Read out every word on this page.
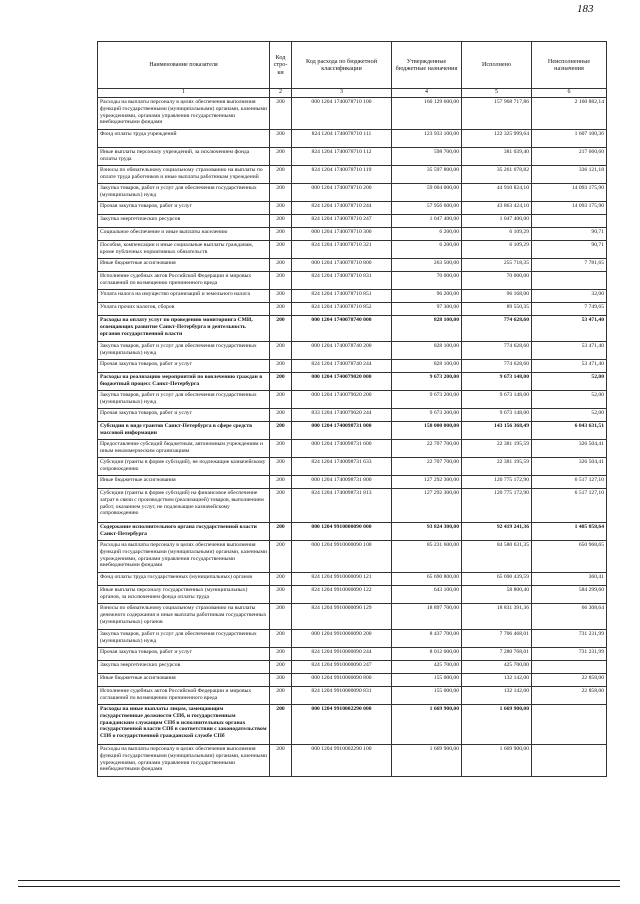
183
Наименование показателя	Код стро-ки	Код расхода по бюджетной классификации	Утвержденные бюджетные назначения	Исполнено	Неисполненные назначения
1	2	3	4	5	6
Расходы на выплаты персоналу в целях обеспечения выполнения функций государственными (муниципальными) органами, казенными учреждениями, органами управления государственными внебюджетными фондами	200	000 1204 1740078710 100	160 129 600,00	157 968 717,86	2 160 882,14
Фонд оплаты труда учреждений	200	824 1204 1740078710 111	123 933 100,00	122 325 999,64	1 607 100,36
Иные выплаты персоналу учреждений, за исключением фонда оплаты труда	200	824 1204 1740078710 112	598 700,00	381 039,40	217 660,60
Взносы по обязательному социальному страхованию на выплаты по оплате труда работников и иные выплаты работникам учреждений	200	824 1204 1740078710 119	35 597 800,00	35 261 678,82	336 121,18
Закупка товаров, работ и услуг для обеспечения государственных (муниципальных) нужд	200	000 1204 1740078710 200	59 004 000,00	44 910 824,10	14 093 175,90
Прочая закупка товаров, работ и услуг	200	824 1204 1740078710 244	57 956 600,00	43 863 424,10	14 093 175,90
Закупка энергетических ресурсов	200	824 1204 1740078710 247	1 047 400,00	1 047 400,00	
Социальное обеспечение и иные выплаты населению	200	000 1204 1740078710 300	6 200,00	6 109,29	90,71
Пособия, компенсации и иные социальные выплаты гражданам, кроме публичных нормативных обязательств	200	824 1204 1740078710 321	6 200,00	6 109,29	90,71
Иные бюджетные ассигнования	200	000 1204 1740078710 800	263 500,00	255 718,35	7 781,65
Исполнение судебных актов Российской Федерации и мировых соглашений по возмещению причиненного вреда	200	824 1204 1740078710 831	70 000,00	70 000,00	
Уплата налога на имущество организаций и земельного налога	200	824 1204 1740078710 851	96 200,00	96 168,00	32,00
Уплата прочих налогов, сборов	200	824 1204 1740078710 852	97 300,00	89 550,35	7 749,65
Расходы на оплату услуг по проведению мониторинга СМИ, освещающих развитие Санкт-Петербурга и деятельность органов государственной власти	200	000 1204 1740078740 000	828 100,00	774 628,60	53 471,40
Закупка товаров, работ и услуг для обеспечения государственных (муниципальных) нужд	200	000 1204 1740078740 200	828 100,00	774 628,60	53 471,40
Прочая закупка товаров, работ и услуг	200	824 1204 1740078740 244	828 100,00	774 628,60	53 471,40
Расходы на реализацию мероприятий по вовлечению граждан в бюджетный процесс Санкт-Петербурга	200	000 1204 1740079020 000	9 673 200,00	9 673 148,00	52,00
Закупка товаров, работ и услуг для обеспечения государственных (муниципальных) нужд	200	000 1204 1740079020 200	9 673 200,00	9 673 148,00	52,00
Прочая закупка товаров, работ и услуг	200	833 1204 1740079020 244	9 673 200,00	9 673 148,00	52,00
Субсидии в виде грантов Санкт-Петербурга в сфере средств массовой информации	200	000 1204 1740098731 000	150 000 000,00	143 156 368,49	6 843 631,51
Предоставление субсидий бюджетным, автономным учреждениям и иным некоммерческим организациям	200	000 1204 1740098731 600	22 707 700,00	22 381 195,59	326 504,41
Субсидии (гранты в форме субсидий), не подлежащие казначейскому сопровождению	200	824 1204 1740098731 633	22 707 700,00	22 381 195,59	326 504,41
Иные бюджетные ассигнования	200	000 1204 1740098731 800	127 292 300,00	120 775 172,90	6 517 127,10
Субсидии (гранты в форме субсидий) на финансовое обеспечение затрат в связи с производством (реализацией) товаров, выполнением работ, оказанием услуг, не подлежащие казначейскому сопровождению	200	824 1204 1740098731 813	127 292 300,00	120 775 172,90	6 517 127,10
Содержание исполнительного органа государственной власти Санкт-Петербурга	200	000 1204 9910000090 000	93 824 300,00	92 419 241,36	1 405 058,64
Расходы на выплаты персоналу в целях обеспечения выполнения функций государственными (муниципальными) органами, казенными учреждениями, органами управления государственными внебюджетными фондами	200	000 1204 9910000090 100	85 231 600,00	84 580 631,35	650 968,65
Фонд оплаты труда государственных (муниципальных) органов	200	824 1204 9910000090 121	65 690 800,00	65 690 439,59	360,41
Иные выплаты персоналу государственных (муниципальных) органов, за исключением фонда оплаты труда	200	824 1204 9910000090 122	643 100,00	58 800,40	584 299,60
Взносы по обязательному социальному страхованию на выплаты денежного содержания и иные выплаты работникам государственных (муниципальных) органов	200	824 1204 9910000090 129	18 897 700,00	18 831 391,36	66 308,64
Закупка товаров, работ и услуг для обеспечения государственных (муниципальных) нужд	200	000 1204 9910000090 200	8 437 700,00	7 706 468,01	731 231,99
Прочая закупка товаров, работ и услуг	200	824 1204 9910000090 244	8 012 000,00	7 280 768,01	731 231,99
Закупка энергетических ресурсов	200	824 1204 9910000090 247	425 700,00	425 700,00	
Иные бюджетные ассигнования	200	000 1204 9910000090 800	155 000,00	132 142,00	22 858,00
Исполнение судебных актов Российской Федерации и мировых соглашений по возмещению причиненного вреда	200	824 1204 9910000090 831	155 000,00	132 142,00	22 858,00
Расходы на иные выплаты лицам, замещающим государственные должности СПб, и государственным гражданским служащим СПб в исполнительных органах государственной власти СПб в соответствии с законодательством СПб о государственной гражданской службе СПб	200	000 1204 9910002290 000	1 669 900,00	1 669 900,00	
Расходы на выплаты персоналу в целях обеспечения выполнения функций государственными (муниципальными) органами, казенными учреждениями, органами управления государственными внебюджетными фондами	200	000 1204 9910002290 100	1 669 900,00	1 669 900,00	
